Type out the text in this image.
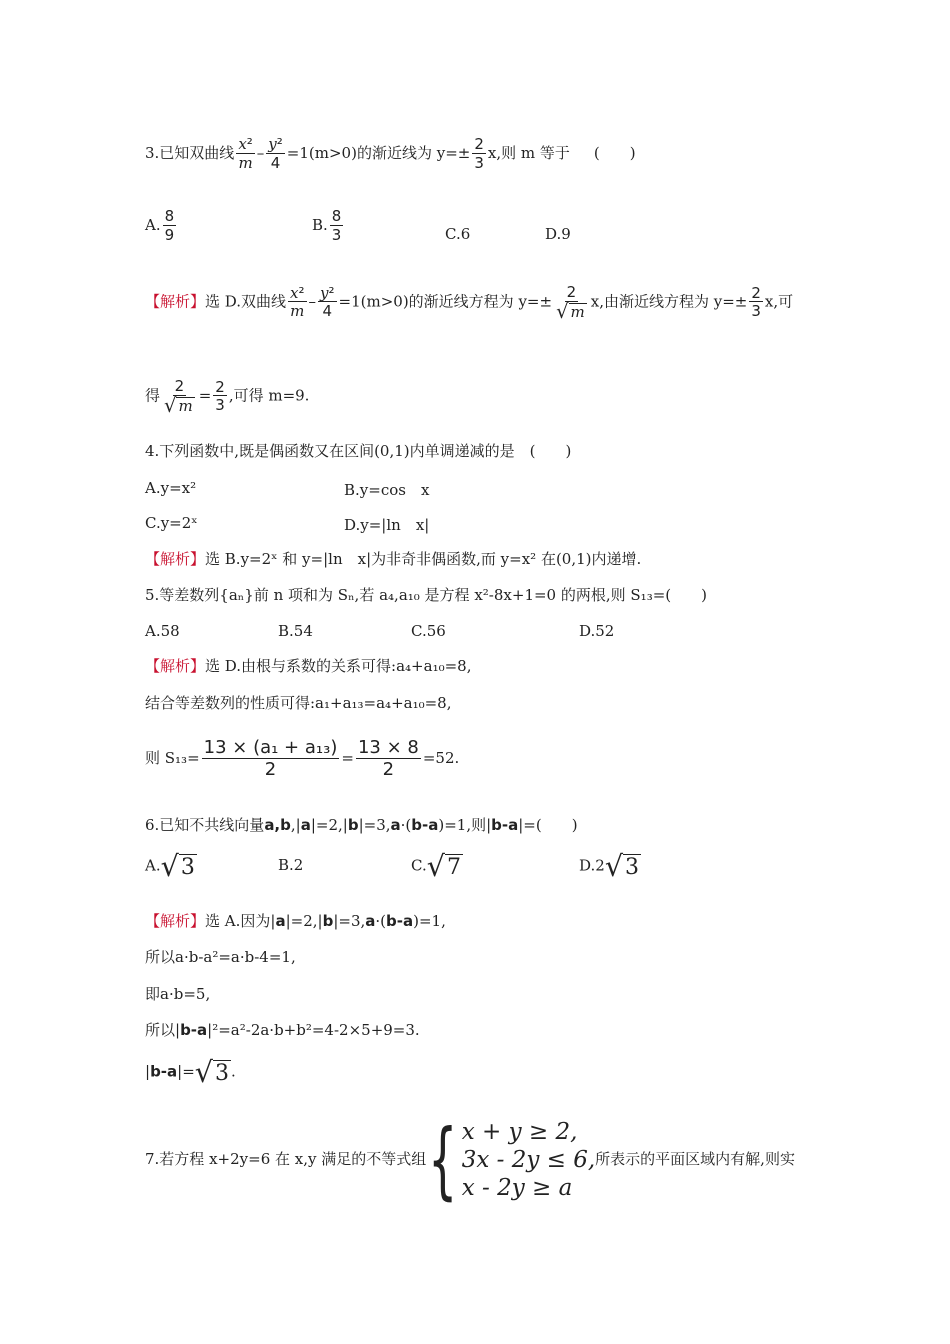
3.已知双曲线 $\frac{\text{x²}}{m} - \frac{\text{y²}}{4} =1(m>0)$的渐近线为 $y=\pm \frac{2}{3} x$,则 m 等于 (　　)
A. $\frac{8}{9}$	B. $\frac{8}{3}$	C.6	D.9
【解析】选 D.双曲线 $\frac{\text{x²}}{m} - \frac{\text{y²}}{4} =1(m>0)$的渐近线方程为 $y=\pm \frac{2}{√ m} x$,由渐近线方程为 $y=\pm \frac{2}{3} x$,可
得 $\frac{2}{√ m} = \frac{2}{3}$ ,可得 m=9.
4.下列函数中,既是偶函数又在区间(0,1)内单调递减的是　(　　)
A.y=x²	B.y=cos　x
C.y=2ˣ	D.y=|ln　x|
【解析】选 B.y=2ˣ 和 y=|ln　x|为非奇非偶函数,而 y=x² 在(0,1)内递增.
5.等差数列{aₙ}前 n 项和为 Sₙ,若 a₄,a₁₀ 是方程 x²-8x+1=0 的两根,则 S₁₃=(　　)
A.58	B.54	C.56	D.52
【解析】选 D.由根与系数的关系可得:a₄+a₁₀=8,
结合等差数列的性质可得:a₁+a₁₃=a₄+a₁₀=8,
则 $S_{13}= \frac{\text{13 × (a₁ + a₁₃)}}{2} = \frac{13 \times 8}{2} =52$.
6.已知不共线向量a,b,|a|=2,|b|=3,a·(b-a)=1,则|b-a|=(　　)
A. √ 3	B.2	C. √ 7	D.2 √ 3
【解析】选 A.因为|a|=2,|b|=3,a·(b-a)=1,
所以a·b-a²=a·b-4=1,
即a·b=5,
所以|b-a|²=a²-2a·b+b²=4-2×5+9=3.
|b-a|= √ 3 .
7.若方程 x+2y=6 在 x,y 满足的不等式组 { x + y ≥ 2,
3x - 2y ≤ 6,
x - 2y ≥ a
所表示的平面区域内有解,则实
